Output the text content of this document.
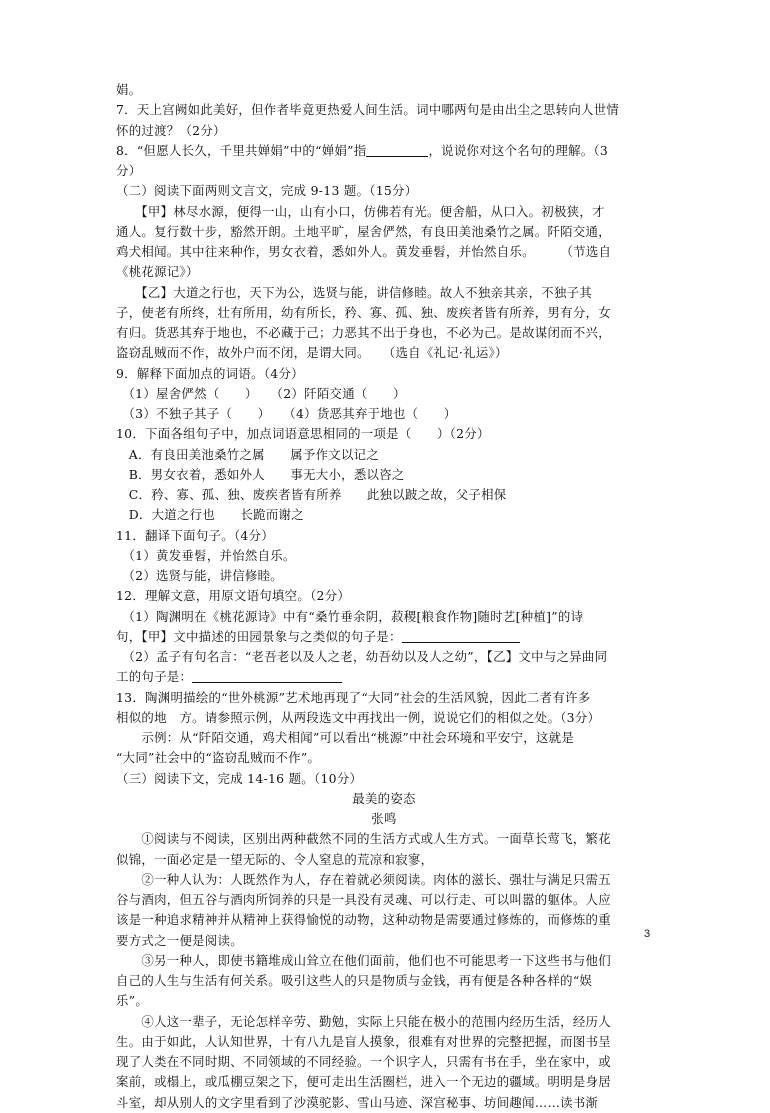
娟。

7．天上宫阙如此美好，但作者毕竟更热爱人间生活。词中哪两句是由出尘之思转向人世情

怀的过渡？（2分）

8．“但愿人长久，千里共婵娟”中的“婵娟”指	，说说你对这个名句的理解。（3

分）

（二）阅读下面两则文言文，完成 9-13 题。（15分）

　　【甲】林尽水源，便得一山，山有小口，仿佛若有光。便舍船，从口入。初极狭，才

通人。复行数十步，豁然开朗。土地平旷，屋舍俨然，有良田美池桑竹之属。阡陌交通，

鸡犬相闻。其中往来种作，男女衣着，悉如外人。黄发垂髫，并怡然自乐。　　　（节选自

《桃花源记》）

　　【乙】大道之行也，天下为公，选贤与能，讲信修睦。故人不独亲其亲，不独子其

子，使老有所终，壮有所用，幼有所长，矜、寡、孤、独、废疾者皆有所养，男有分，女

有归。货恶其弃于地也，不必藏于己；力恶其不出于身也，不必为己。是故谋闭而不兴，

盗窃乱贼而不作，故外户而不闭，是谓大同。　　（选自《礼记·礼运》）

9．解释下面加点的词语。（4分）

　（1）屋舍俨然（　　）　　（2）阡陌交通（　　）

　（3）不独子其子（　　）　　（4）货恶其弃于地也（　　）

10．下面各组句子中，加点词语意思相同的一项是（　　）（2分）

　A．有良田美池桑竹之属　　属予作文以记之

　B．男女衣着，悉如外人　　事无大小，悉以咨之

　C．矜、寡、孤、独、废疾者皆有所养　　此独以跛之故，父子相保

　D．大道之行也　　长跪而谢之

11．翻译下面句子。（4分）

　（1）黄发垂髫，并怡然自乐。

　（2）选贤与能，讲信修睦。

12．理解文意，用原文语句填空。（2分）

　（1）陶渊明在《桃花源诗》中有“桑竹垂余阴，菽稷[粮食作物]随时艺[种植]”的诗

句，【甲】文中描述的田园景象与之类似的句子是：

　（2）孟子有句名言：“老吾老以及人之老，幼吾幼以及人之幼”，【乙】文中与之异曲同

工的句子是：

13．陶渊明描绘的“世外桃源”艺术地再现了“大同”社会的生活风貌，因此二者有许多

相似的地　方。请参照示例，从两段选文中再找出一例，说说它们的相似之处。（3分）

　　示例：从“阡陌交通，鸡犬相闻”可以看出“桃源”中社会环境和平安宁，这就是

“大同”社会中的“盗窃乱贼而不作”。

（三）阅读下文，完成 14-16 题。（10分）

最美的姿态

张鸣

　　①阅读与不阅读，区别出两种截然不同的生活方式或人生方式。一面草长莺飞，繁花

似锦，一面必定是一望无际的、令人窒息的荒凉和寂寥，

　　②一种人认为：人既然作为人，存在着就必须阅读。肉体的滋长、强壮与满足只需五

谷与酒肉，但五谷与酒肉所饲养的只是一具没有灵魂、可以行走、可以叫嚣的躯体。人应

该是一种追求精神并从精神上获得愉悦的动物，这种动物是需要通过修炼的，而修炼的重

要方式之一便是阅读。

　　③另一种人，即使书籍堆成山耸立在他们面前，他们也不可能思考一下这些书与他们

自己的人生与生活有何关系。吸引这些人的只是物质与金钱，再有便是各种各样的“娱

乐”。

　　④人这一辈子，无论怎样辛劳、勤勉，实际上只能在极小的范围内经历生活，经历人

生。由于如此，人认知世界，十有八九是盲人摸象，很难有对世界的完整把握，而图书呈

现了人类在不同时期、不同领域的不同经验。一个识字人，只需有书在手，坐在家中，或

案前，或榻上，或瓜棚豆架之下，便可走出生活圈栏，进入一个无边的疆域。明明是身居

斗室，却从别人的文字里看到了沙漠驼影、雪山马迹、深宫秘事、坊间趣闻……读书渐

3
